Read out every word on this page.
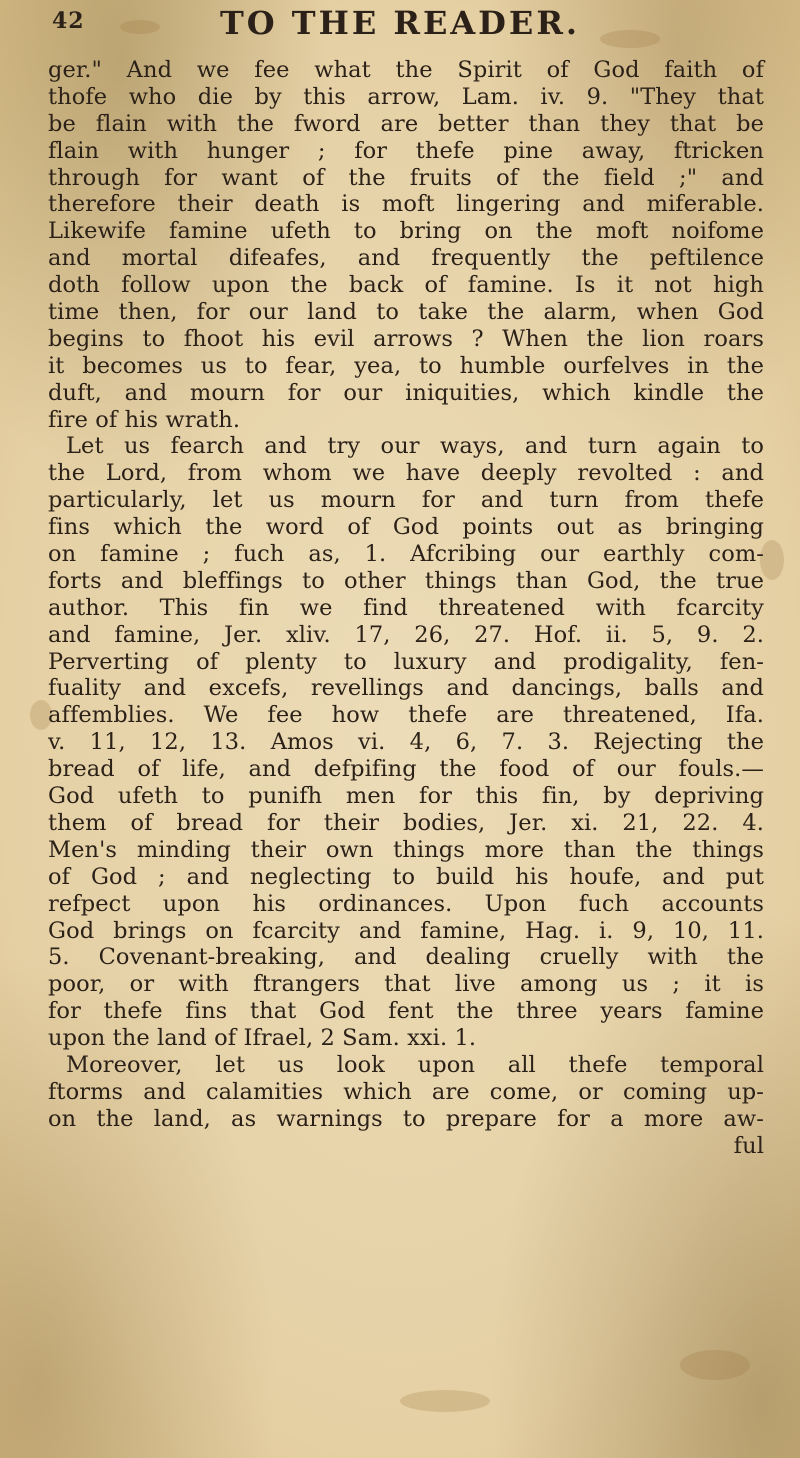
42	TO THE READER.
ger." And we fee what the Spirit of God faith of
thofe who die by this arrow, Lam. iv. 9. "They that
be flain with the fword are better than they that be
flain with hunger ; for thefe pine away, ftricken
through for want of the fruits of the field ;" and
therefore their death is moft lingering and miferable.
Likewife famine ufeth to bring on the moft noifome
and mortal difeafes, and frequently the peftilence
doth follow upon the back of famine. Is it not high
time then, for our land to take the alarm, when God
begins to fhoot his evil arrows ? When the lion roars
it becomes us to fear, yea, to humble ourfelves in the
duft, and mourn for our iniquities, which kindle the
fire of his wrath.
Let us fearch and try our ways, and turn again to
the Lord, from whom we have deeply revolted : and
particularly, let us mourn for and turn from thefe
fins which the word of God points out as bringing
on famine ; fuch as, 1. Afcribing our earthly com-
forts and bleffings to other things than God, the true
author. This fin we find threatened with fcarcity
and famine, Jer. xliv. 17, 26, 27. Hof. ii. 5, 9. 2.
Perverting of plenty to luxury and prodigality, fen-
fuality and excefs, revellings and dancings, balls and
affemblies. We fee how thefe are threatened, Ifa.
v. 11, 12, 13. Amos vi. 4, 6, 7. 3. Rejecting the
bread of life, and defpifing the food of our fouls.—
God ufeth to punifh men for this fin, by depriving
them of bread for their bodies, Jer. xi. 21, 22. 4.
Men's minding their own things more than the things
of God ; and neglecting to build his houfe, and put
refpect upon his ordinances. Upon fuch accounts
God brings on fcarcity and famine, Hag. i. 9, 10, 11.
5. Covenant-breaking, and dealing cruelly with the
poor, or with ftrangers that live among us ; it is
for thefe fins that God fent the three years famine
upon the land of Ifrael, 2 Sam. xxi. 1.
Moreover, let us look upon all thefe temporal
ftorms and calamities which are come, or coming up-
on the land, as warnings to prepare for a more aw-
ful
